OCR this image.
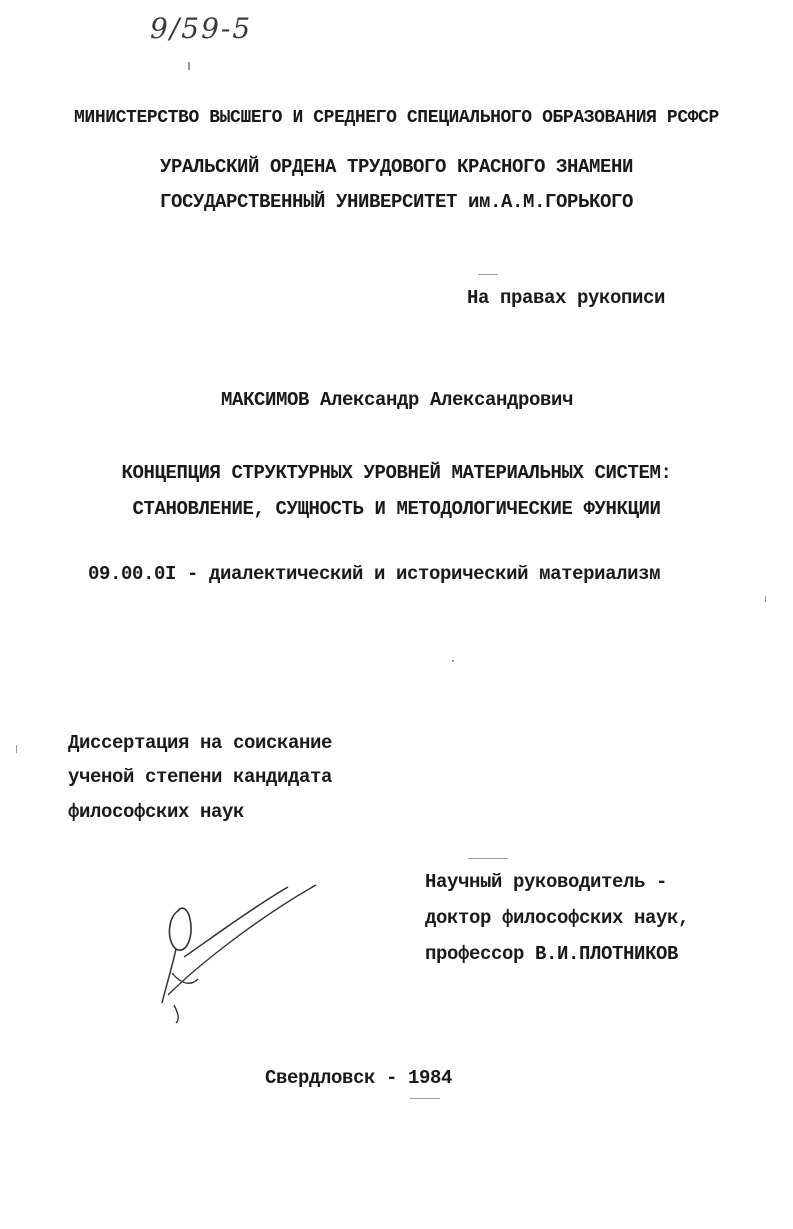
9/59-5
МИНИСТЕРСТВО ВЫСШЕГО И СРЕДНЕГО СПЕЦИАЛЬНОГО ОБРАЗОВАНИЯ РСФСР
УРАЛЬСКИЙ ОРДЕНА ТРУДОВОГО КРАСНОГО ЗНАМЕНИ
ГОСУДАРСТВЕННЫЙ УНИВЕРСИТЕТ им.А.М.ГОРЬКОГО
На правах рукописи
МАКСИМОВ Александр Александрович
КОНЦЕПЦИЯ СТРУКТУРНЫХ УРОВНЕЙ МАТЕРИАЛЬНЫХ СИСТЕМ:
СТАНОВЛЕНИЕ, СУЩНОСТЬ И МЕТОДОЛОГИЧЕСКИЕ ФУНКЦИИ
09.00.0I - диалектический и исторический материализм
Диссертация на соискание
ученой степени кандидата
философских наук
Научный руководитель -
доктор философских наук,
профессор В.И.ПЛОТНИКОВ
Свердловск - 1984
